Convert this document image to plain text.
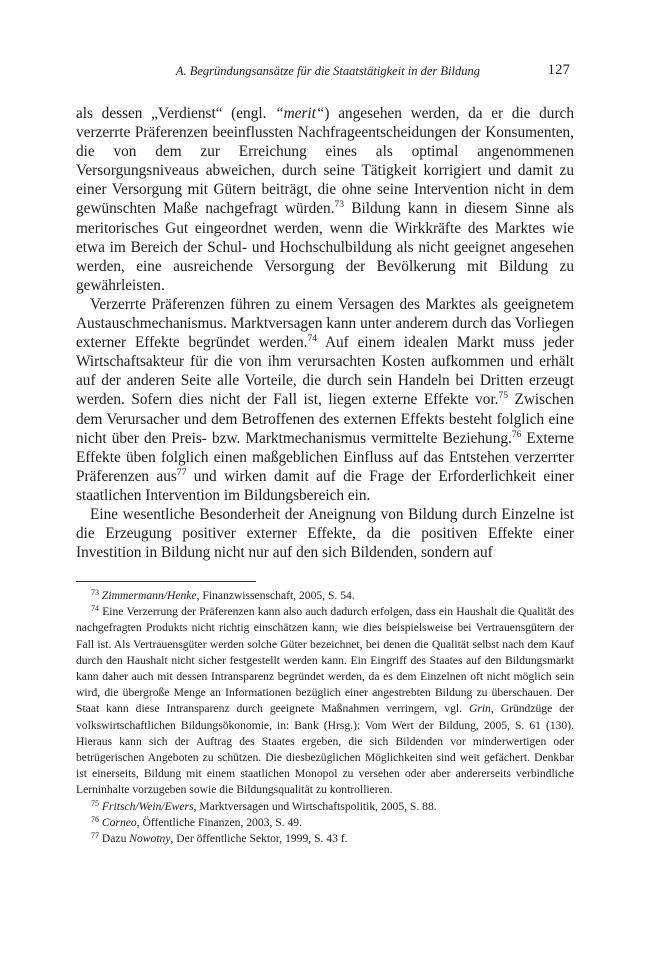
A. Begründungsansätze für die Staatstätigkeit in der Bildung	127

als dessen „Verdienst“ (engl. “merit“) angesehen werden, da er die durch verzerrte Präferenzen beeinflussten Nachfrageentscheidungen der Konsumenten, die von dem zur Erreichung eines als optimal angenommenen Versorgungsniveaus abweichen, durch seine Tätigkeit korrigiert und damit zu einer Versorgung mit Gütern beiträgt, die ohne seine Intervention nicht in dem gewünschten Maße nachgefragt würden.$^{73}$ Bildung kann in diesem Sinne als meritorisches Gut eingeordnet werden, wenn die Wirkkräfte des Marktes wie etwa im Bereich der Schul- und Hochschulbildung als nicht geeignet angesehen werden, eine ausreichende Versorgung der Bevölkerung mit Bildung zu gewährleisten.

Verzerrte Präferenzen führen zu einem Versagen des Marktes als geeignetem Austauschmechanismus. Marktversagen kann unter anderem durch das Vorliegen externer Effekte begründet werden.$^{74}$ Auf einem idealen Markt muss jeder Wirtschaftsakteur für die von ihm verursachten Kosten aufkommen und erhält auf der anderen Seite alle Vorteile, die durch sein Handeln bei Dritten erzeugt werden. Sofern dies nicht der Fall ist, liegen externe Effekte vor.$^{75}$ Zwischen dem Verursacher und dem Betroffenen des externen Effekts besteht folglich eine nicht über den Preis- bzw. Marktmechanismus vermittelte Beziehung.$^{76}$ Externe Effekte üben folglich einen maßgeblichen Einfluss auf das Entstehen verzerrter Präferenzen aus$^{77}$ und wirken damit auf die Frage der Erforderlichkeit einer staatlichen Intervention im Bildungsbereich ein.

Eine wesentliche Besonderheit der Aneignung von Bildung durch Einzelne ist die Erzeugung positiver externer Effekte, da die positiven Effekte einer Investition in Bildung nicht nur auf den sich Bildenden, sondern auf

$^{73}$ Zimmermann/Henke, Finanzwissenschaft, 2005, S. 54.

$^{74}$ Eine Verzerrung der Präferenzen kann also auch dadurch erfolgen, dass ein Haushalt die Qualität des nachgefragten Produkts nicht richtig einschätzen kann, wie dies beispielsweise bei Vertrauensgütern der Fall ist. Als Vertrauensgüter werden solche Güter bezeichnet, bei denen die Qualität selbst nach dem Kauf durch den Haushalt nicht sicher festgestellt werden kann. Ein Eingriff des Staates auf den Bildungsmarkt kann daher auch mit dessen Intransparenz begründet werden, da es dem Einzelnen oft nicht möglich sein wird, die übergroße Menge an Informationen bezüglich einer angestrebten Bildung zu überschauen. Der Staat kann diese Intransparenz durch geeignete Maßnahmen verringern, vgl. Grin, Gründzüge der volkswirtschaftlichen Bildungsökonomie, in: Bank (Hrsg.): Vom Wert der Bildung, 2005, S. 61 (130). Hieraus kann sich der Auftrag des Staates ergeben, die sich Bildenden vor minderwertigen oder betrügerischen Angeboten zu schützen. Die diesbezüglichen Möglichkeiten sind weit gefächert. Denkbar ist einerseits, Bildung mit einem staatlichen Monopol zu versehen oder aber andererseits verbindliche Lerninhalte vorzugeben sowie die Bildungsqualität zu kontrollieren.

$^{75}$ Fritsch/Wein/Ewers, Marktversagen und Wirtschaftspolitik, 2005, S. 88.

$^{76}$ Corneo, Öffentliche Finanzen, 2003, S. 49.

$^{77}$ Dazu Nowotny, Der öffentliche Sektor, 1999, S. 43 f.
